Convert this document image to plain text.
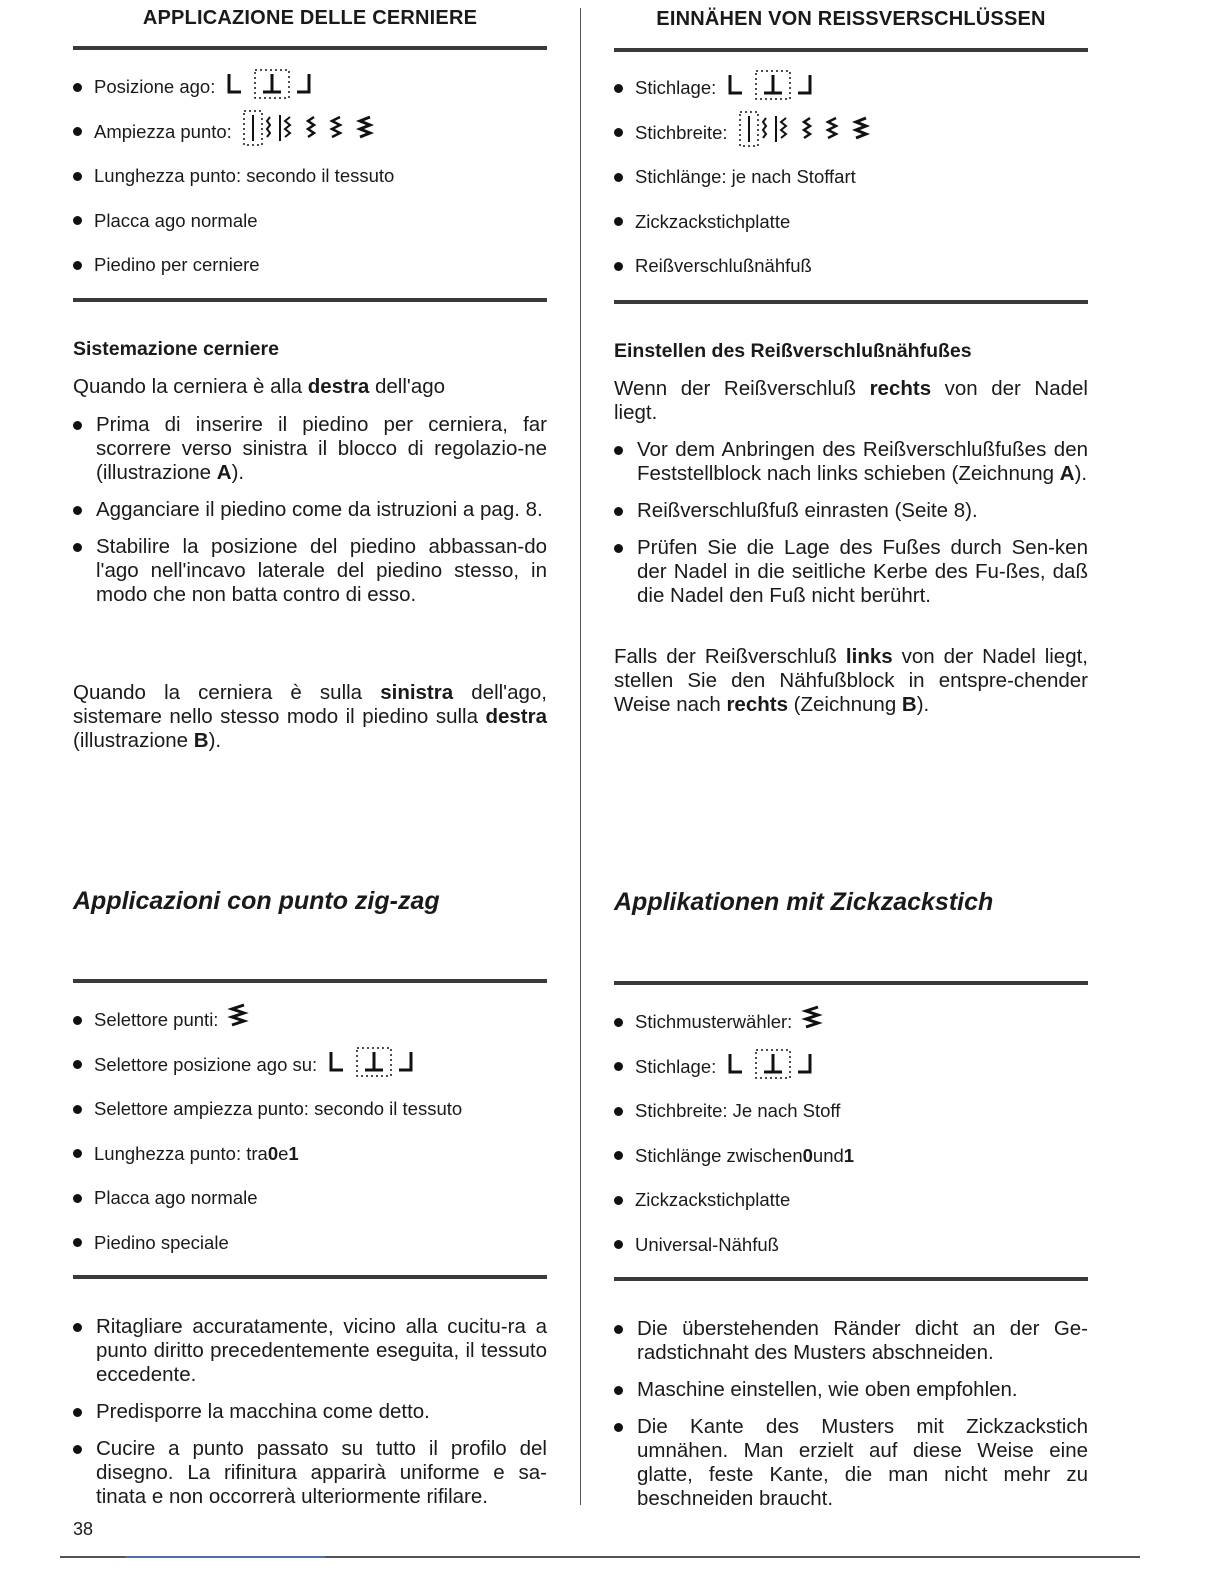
APPLICAZIONE DELLE CERNIERE
Posizione ago:
Ampiezza punto:
Lunghezza punto: secondo il tessuto
Placca ago normale
Piedino per cerniere
Sistemazione cerniere

Quando la cerniera è alla destra dell'ago

Prima di inserire il piedino per cerniera, far scorrere verso sinistra il blocco di regolazio-ne (illustrazione A).
Agganciare il piedino come da istruzioni a pag. 8.
Stabilire la posizione del piedino abbassan-do l'ago nell'incavo laterale del piedino stesso, in modo che non batta contro di esso.

Quando la cerniera è sulla sinistra dell'ago, sistemare nello stesso modo il piedino sulla destra (illustrazione B).

Applicazioni con punto zig-zag
Selettore punti:
Selettore posizione ago su:
Selettore ampiezza punto: secondo il tessuto
Lunghezza punto: tra 0 e 1
Placca ago normale
Piedino speciale
Ritagliare accuratamente, vicino alla cucitu-ra a punto diritto precedentemente eseguita, il tessuto eccedente.
Predisporre la macchina come detto.
Cucire a punto passato su tutto il profilo del disegno. La rifinitura apparirà uniforme e sa-tinata e non occorrerà ulteriormente rifilare.
EINNÄHEN VON REISSVERSCHLÜSSEN
Stichlage:
Stichbreite:
Stichlänge: je nach Stoffart
Zickzackstichplatte
Reißverschlußnähfuß
Einstellen des Reißverschlußnähfußes

Wenn der Reißverschluß rechts von der Nadel liegt.

Vor dem Anbringen des Reißverschlußfußes den Feststellblock nach links schieben (Zeichnung A).
Reißverschlußfuß einrasten (Seite 8).
Prüfen Sie die Lage des Fußes durch Sen-ken der Nadel in die seitliche Kerbe des Fu-ßes, daß die Nadel den Fuß nicht berührt.

Falls der Reißverschluß links von der Nadel liegt, stellen Sie den Nähfußblock in entspre-chender Weise nach rechts (Zeichnung B).

Applikationen mit Zickzackstich
Stichmusterwähler:
Stichlage:
Stichbreite: Je nach Stoff
Stichlänge zwischen 0 und 1
Zickzackstichplatte
Universal-Nähfuß
Die überstehenden Ränder dicht an der Ge-radstichnaht des Musters abschneiden.
Maschine einstellen, wie oben empfohlen.
Die Kante des Musters mit Zickzackstich umnähen. Man erzielt auf diese Weise eine glatte, feste Kante, die man nicht mehr zu beschneiden braucht.
38
